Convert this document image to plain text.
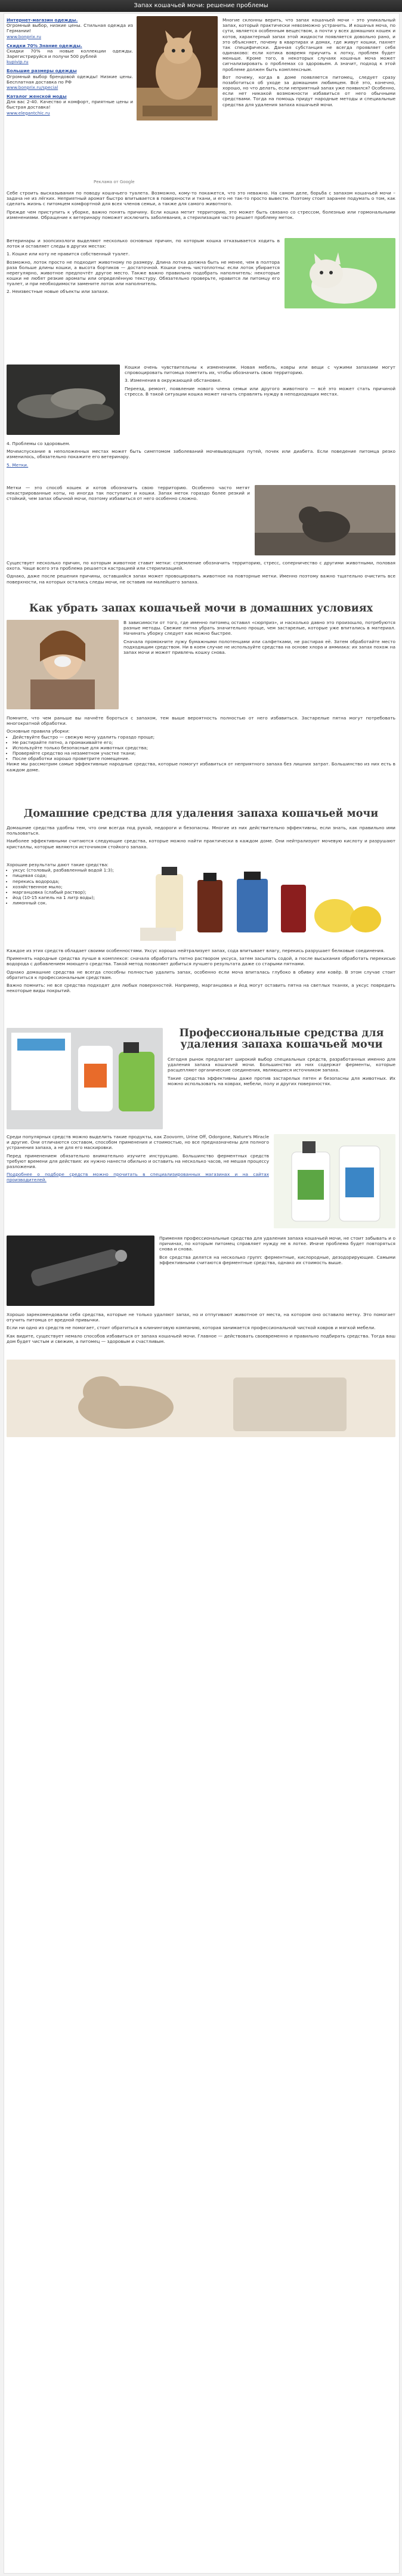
Запах кошачьей мочи: решение проблемы
Интернет-магазин одежды.

Огромный выбор, низкие цены. Стильная одежда из Германии!

www.bonprix.ru
Скидки 70% Знание одежды.

Скидки 70% на новые коллекции одежды. Зарегистрируйся и получи 500 рублей

kupivip.ru
Большие размеры одежды

Огромный выбор брендовой одежды! Низкие цены. Бесплатная доставка по РФ

www.bonprix.ru/special
Каталог женской моды

Для вас 2-40. Качество и комфорт, приятные цены и быстрая доставка!

www.elegantchic.ru
Реклама от Google

Многие склонны верить, что запах кошачьей мочи – это уникальный запах, который практически невозможно устранить. И кошачья моча, по сути, является особенным веществом, а почти у всех домашних кошек и котов, характерный запах этой жидкости появляется довольно рано, и это объясняет, почему в квартирах и домах, где живут кошки, пахнет так специфически. Данная субстанция не всегда проявляет себя одинаково: если котика вовремя приучить к лотку, проблем будет меньше. Кроме того, в некоторых случаях кошачья моча может сигнализировать о проблемах со здоровьем. А значит, подход к этой проблеме должен быть комплексным.

Вот почему, когда в доме появляется питомец, следует сразу позаботиться об уходе за домашним любимцем. Всё это, конечно, хорошо, но что делать, если неприятный запах уже появился? Особенно, если нет никакой возможности избавиться от него обычными средствами. Тогда на помощь придут народные методы и специальные средства для удаления запаха кошачьей мочи.

Себе строить высказывания по поводу кошачьего туалета. Возможно, кому-то покажется, что это неважно. На самом деле, борьба с запахом кошачьей мочи – задача не из лёгких. Неприятный аромат быстро впитывается в поверхности и ткани, и его не так-то просто вывести. Поэтому стоит заранее подумать о том, как сделать жизнь с питомцем комфортной для всех членов семьи, а также для самого животного.

Прежде чем приступить к уборке, важно понять причину. Если кошка метит территорию, это может быть связано со стрессом, болезнью или гормональными изменениями. Обращение к ветеринару поможет исключить заболевания, а стерилизация часто решает проблему меток.

Ветеринары и зоопсихологи выделяют несколько основных причин, по которым кошка отказывается ходить в лоток и оставляет следы в других местах:

1. Кошке или коту не нравится собственный туалет.

Возможно, лоток просто не подходит животному по размеру. Длина лотка должна быть не менее, чем в полтора раза больше длины кошки, а высота бортиков — достаточной. Кошки очень чистоплотны: если лоток убирается нерегулярно, животное предпочтёт другое место. Также важно правильно подобрать наполнитель: некоторые кошки не любят резкие ароматы или определённую текстуру. Обязательно проверьте, нравится ли питомцу его туалет, и при необходимости замените лоток или наполнитель.

2. Неизвестные новые объекты или запахи.

Кошки очень чувствительны к изменениям. Новая мебель, ковры или вещи с чужими запахами могут спровоцировать питомца пометить их, чтобы обозначить свою территорию.

3. Изменения в окружающей обстановке.

Переезд, ремонт, появление нового члена семьи или другого животного — всё это может стать причиной стресса. В такой ситуации кошка может начать справлять нужду в неподходящих местах.

4. Проблемы со здоровьем.

Мочеиспускание в неположенных местах может быть симптомом заболеваний мочевыводящих путей, почек или диабета. Если поведение питомца резко изменилось, обязательно покажите его ветеринару.

5. Метки.

Метки — это способ кошек и котов обозначить свою территорию. Особенно часто метят некастрированные коты, но иногда так поступают и кошки. Запах меток гораздо более резкий и стойкий, чем запах обычной мочи, поэтому избавиться от него особенно сложно.

Существует несколько причин, по которым животное ставит метки: стремление обозначить территорию, стресс, соперничество с другими животными, половая охота. Чаще всего эта проблема решается кастрацией или стерилизацией.

Однако, даже после решения причины, оставшийся запах может провоцировать животное на повторные метки. Именно поэтому важно тщательно очистить все поверхности, на которых остались следы мочи, не оставив ни малейшего запаха.

Как убрать запах кошачьей мочи в домашних условиях

В зависимости от того, где именно питомец оставил «сюрприз», и насколько давно это произошло, потребуются разные методы. Свежие пятна убрать значительно проще, чем застарелые, которые уже впитались в материал. Начинать уборку следует как можно быстрее.

Сначала промокните лужу бумажными полотенцами или салфетками, не растирая её. Затем обработайте место подходящим средством. Ни в коем случае не используйте средства на основе хлора и аммиака: их запах похож на запах мочи и может привлечь кошку снова.

Помните, что чем раньше вы начнёте бороться с запахом, тем выше вероятность полностью от него избавиться. Застарелые пятна могут потребовать многократной обработки.

Основные правила уборки:

• Действуйте быстро — свежую мочу удалить гораздо проще;
• Не растирайте пятно, а промакивайте его;
• Используйте только безопасные для животных средства;
• Проверяйте средство на незаметном участке ткани;
• После обработки хорошо проветрите помещение.

Ниже мы рассмотрим самые эффективные народные средства, которые помогут избавиться от неприятного запаха без лишних затрат. Большинство из них есть в каждом доме.

Домашние средства для удаления запаха кошачьей мочи

Домашние средства удобны тем, что они всегда под рукой, недороги и безопасны. Многие из них действительно эффективны, если знать, как правильно ими пользоваться.

Наиболее эффективными считаются следующие средства, которые можно найти практически в каждом доме. Они нейтрализуют мочевую кислоту и разрушают кристаллы, которые являются источником стойкого запаха.

Хорошие результаты дают такие средства:

• уксус (столовый, разбавленный водой 1:3);
• пищевая сода;
• перекись водорода;
• хозяйственное мыло;
• марганцовка (слабый раствор);
• йод (10-15 капель на 1 литр воды);
• лимонный сок.

Каждое из этих средств обладает своими особенностями. Уксус хорошо нейтрализует запах, сода впитывает влагу, перекись разрушает белковые соединения.

Применять народные средства лучше в комплексе: сначала обработать пятно раствором уксуса, затем засыпать содой, а после высыхания обработать перекисью водорода с добавлением моющего средства. Такой метод позволяет добиться лучшего результата даже со старыми пятнами.

Однако домашние средства не всегда способны полностью удалить запах, особенно если моча впиталась глубоко в обивку или ковёр. В этом случае стоит обратиться к профессиональным средствам.

Важно помнить: не все средства подходят для любых поверхностей. Например, марганцовка и йод могут оставить пятна на светлых тканях, а уксус повредить некоторые виды покрытий.

Профессиональные средства для удаления запаха кошачьей мочи

Сегодня рынок предлагает широкий выбор специальных средств, разработанных именно для удаления запаха кошачьей мочи. Большинство из них содержат ферменты, которые расщепляют органические соединения, являющиеся источником запаха.

Такие средства эффективны даже против застарелых пятен и безопасны для животных. Их можно использовать на коврах, мебели, полу и других поверхностях.

Среди популярных средств можно выделить такие продукты, как Zoovorm, Urine Off, Odorgone, Nature's Miracle и другие. Они отличаются составом, способом применения и стоимостью, но все предназначены для полного устранения запаха, а не для его маскировки.

Перед применением обязательно внимательно изучите инструкцию. Большинство ферментных средств требуют времени для действия: их нужно нанести обильно и оставить на несколько часов, не мешая процессу разложения.

Подробнее о подборе средств можно прочитать в специализированных магазинах и на сайтах производителей.

Применяя профессиональные средства для удаления запаха кошачьей мочи, не стоит забывать и о причинах, по которым питомец справляет нужду не в лотке. Иначе проблема будет повторяться снова и снова.

Все средства делятся на несколько групп: ферментные, кислородные, дезодорирующие. Самыми эффективными считаются ферментные средства, однако их стоимость выше.

Хорошо зарекомендовали себя средства, которые не только удаляют запах, но и отпугивают животное от места, на котором оно оставило метку. Это помогает отучить питомца от вредной привычки.

Если ни одно из средств не помогает, стоит обратиться в клининговую компанию, которая занимается профессиональной чисткой ковров и мягкой мебели.

Как видите, существует немало способов избавиться от запаха кошачьей мочи. Главное — действовать своевременно и правильно подбирать средства. Тогда ваш дом будет чистым и свежим, а питомец — здоровым и счастливым.
